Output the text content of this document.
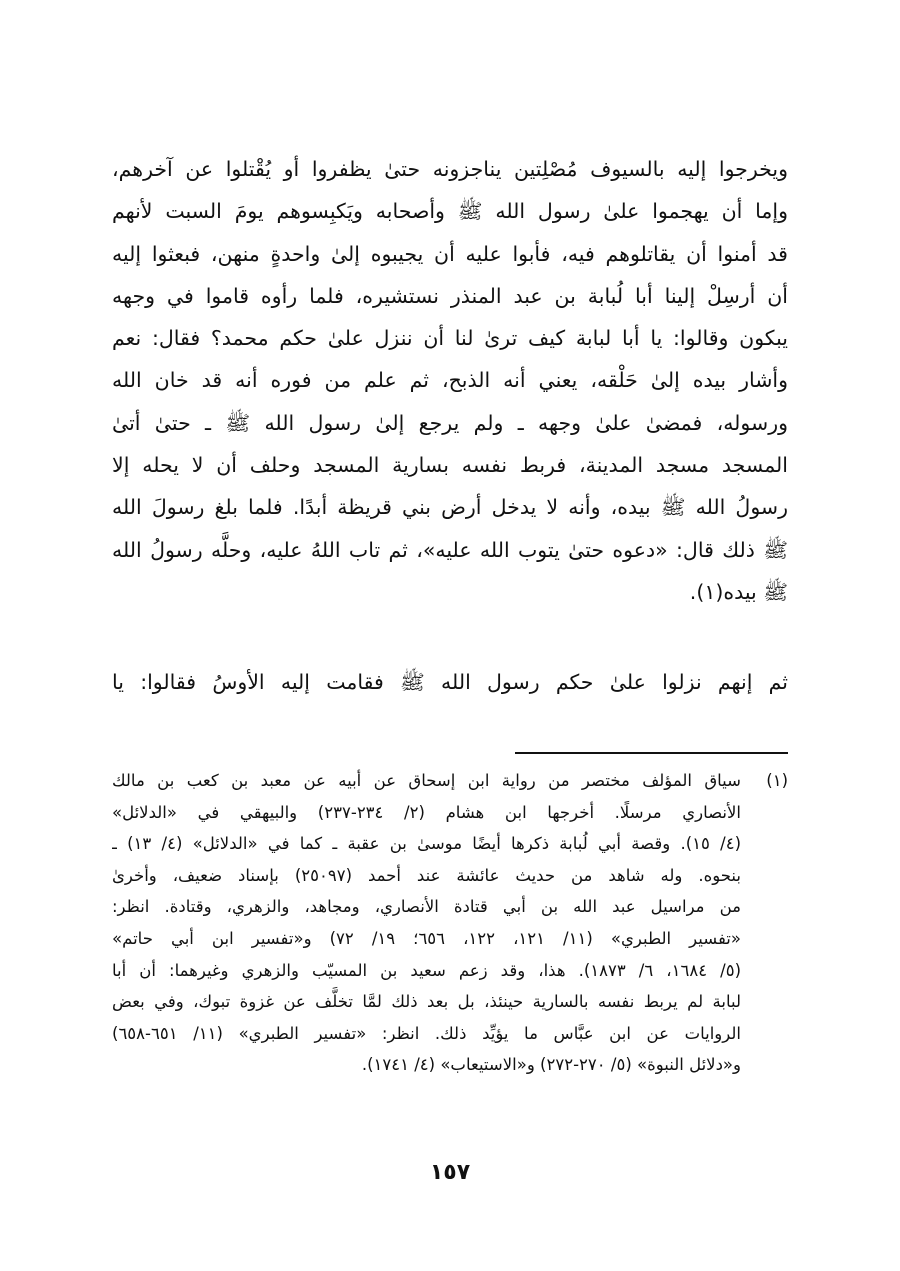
ويخرجوا إليه بالسيوف مُصْلِتين يناجزونه حتىٰ يظفروا أو يُقْتلوا عن آخرهم،
وإما أن يهجموا علىٰ رسول الله ﷺ وأصحابه ويَكبِسوهم يومَ السبت لأنهم
قد أمنوا أن يقاتلوهم فيه، فأبوا عليه أن يجيبوه إلىٰ واحدةٍ منهن، فبعثوا إليه
أن أرسِلْ إلينا أبا لُبابة بن عبد المنذر نستشيره، فلما رأوه قاموا في وجهه
يبكون وقالوا: يا أبا لبابة كيف ترىٰ لنا أن ننزل علىٰ حكم محمد؟ فقال: نعم
وأشار بيده إلىٰ حَلْقه، يعني أنه الذبح، ثم علم من فوره أنه قد خان الله
ورسوله، فمضىٰ علىٰ وجهه ـ ولم يرجع إلىٰ رسول الله ﷺ ـ حتىٰ أتىٰ
المسجد مسجد المدينة، فربط نفسه بسارية المسجد وحلف أن لا يحله إلا
رسولُ الله ﷺ بيده، وأنه لا يدخل أرض بني قريظة أبدًا. فلما بلغ رسولَ الله
ﷺ ذلك قال: «دعوه حتىٰ يتوب الله عليه»، ثم تاب اللهُ عليه، وحلَّه رسولُ الله
ﷺ بيده(١).
ثم إنهم نزلوا علىٰ حكم رسول الله ﷺ فقامت إليه الأوسُ فقالوا: يا
(١)
سياق المؤلف مختصر من رواية ابن إسحاق عن أبيه عن معبد بن كعب بن مالك
الأنصاري مرسلًا. أخرجها ابن هشام (٢/ ٢٣٤-٢٣٧) والبيهقي في «الدلائل»
(٤/ ١٥). وقصة أبي لُبابة ذكرها أيضًا موسىٰ بن عقبة ـ كما في «الدلائل» (٤/ ١٣) ـ
بنحوه. وله شاهد من حديث عائشة عند أحمد (٢٥٠٩٧) بإسناد ضعيف، وأخرىٰ
من مراسيل عبد الله بن أبي قتادة الأنصاري، ومجاهد، والزهري، وقتادة. انظر:
«تفسير الطبري» (١١/ ١٢١، ١٢٢، ٦٥٦؛ ١٩/ ٧٢) و«تفسير ابن أبي حاتم»
(٥/ ١٦٨٤، ٦/ ١٨٧٣). هذا، وقد زعم سعيد بن المسيّب والزهري وغيرهما: أن أبا
لبابة لم يربط نفسه بالسارية حينئذ، بل بعد ذلك لمَّا تخلَّف عن غزوة تبوك، وفي بعض
الروايات عن ابن عبَّاس ما يؤيِّد ذلك. انظر: «تفسير الطبري» (١١/ ٦٥١-٦٥٨)
و«دلائل النبوة» (٥/ ٢٧٠-٢٧٢) و«الاستيعاب» (٤/ ١٧٤١).
١٥٧
